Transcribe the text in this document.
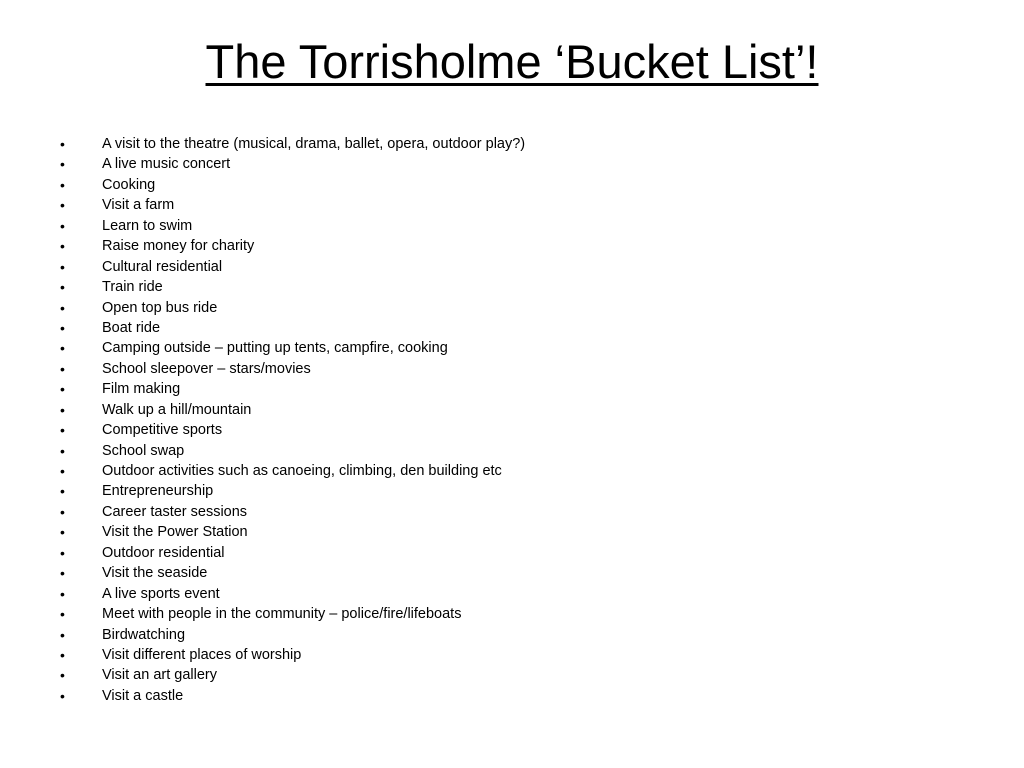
The Torrisholme ‘Bucket List’!
•	A visit to the theatre (musical, drama, ballet, opera, outdoor play?)
•	A live music concert
•	Cooking
•	Visit a farm
•	Learn to swim
•	Raise money for charity
•	Cultural residential
•	Train ride
•	Open top bus ride
•	Boat ride
•	Camping outside – putting up tents, campfire, cooking
•	School sleepover – stars/movies
•	Film making
•	Walk up a hill/mountain
•	Competitive sports
•	School swap
•	Outdoor activities such as canoeing, climbing, den building etc
•	Entrepreneurship
•	Career taster sessions
•	Visit the Power Station
•	Outdoor residential
•	Visit the seaside
•	A live sports event
•	Meet with people in the community – police/fire/lifeboats
•	Birdwatching
•	Visit different places of worship
•	Visit an art gallery
•	Visit a castle
